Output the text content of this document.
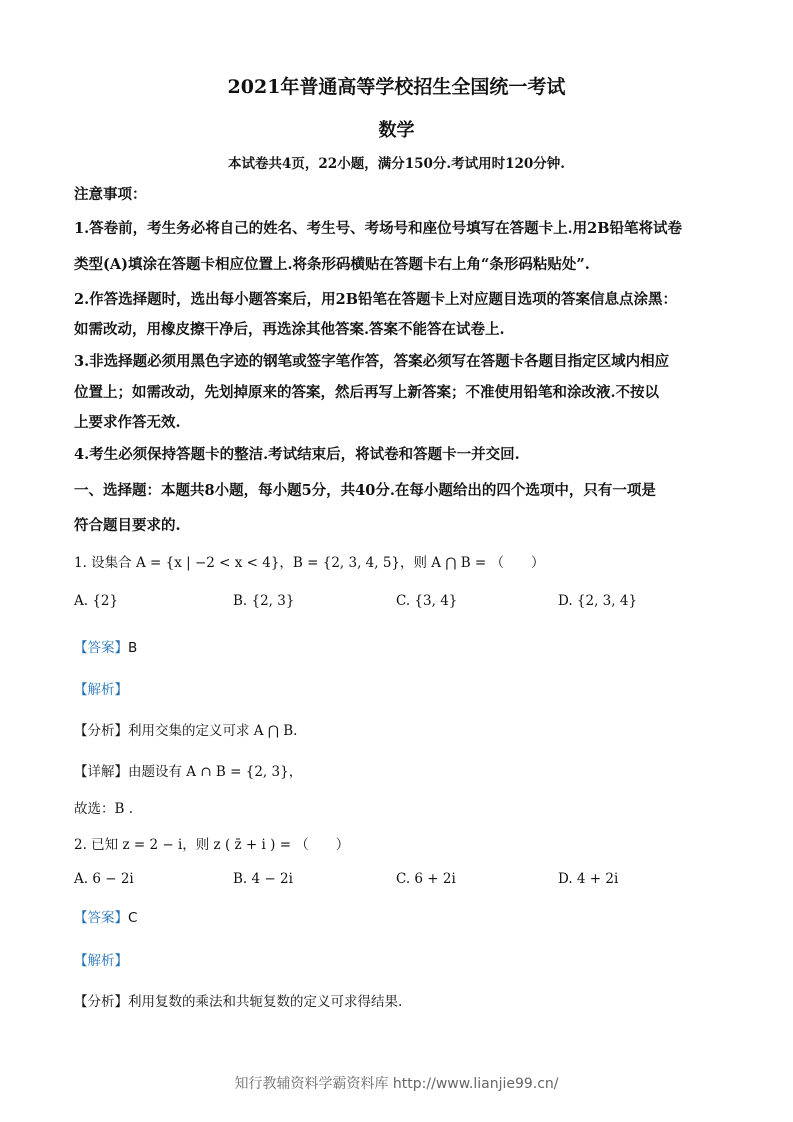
2021年普通高等学校招生全国统一考试
数学
本试卷共4页，22小题，满分150分.考试用时120分钟.
注意事项：
1.答卷前，考生务必将自己的姓名、考生号、考场号和座位号填写在答题卡上.用2B铅笔将试卷
类型(A)填涂在答题卡相应位置上.将条形码横贴在答题卡右上角“条形码粘贴处”.
2.作答选择题时，选出每小题答案后，用2B铅笔在答题卡上对应题目选项的答案信息点涂黑：
如需改动，用橡皮擦干净后，再选涂其他答案.答案不能答在试卷上.
3.非选择题必须用黑色字迹的钢笔或签字笔作答，答案必须写在答题卡各题目指定区域内相应
位置上；如需改动，先划掉原来的答案，然后再写上新答案；不准使用铅笔和涂改液.不按以
上要求作答无效.
4.考生必须保持答题卡的整洁.考试结束后，将试卷和答题卡一并交回.
一、选择题：本题共8小题，每小题5分，共40分.在每小题给出的四个选项中，只有一项是
符合题目要求的.
1. 设集合 A = {x | −2 < x < 4}，B = {2, 3, 4, 5}，则 A ⋂ B = （　　）
A. {2}	B. {2, 3}	C. {3, 4}	D. {2, 3, 4}
【答案】B
【解析】
【分析】利用交集的定义可求 A ⋂ B.
【详解】由题设有 A ∩ B = {2, 3}，
故选：B .
2. 已知 z = 2 − i，则 z ( z̄ + i ) = （　　）
A. 6 − 2i	B. 4 − 2i	C. 6 + 2i	D. 4 + 2i
【答案】C
【解析】
【分析】利用复数的乘法和共轭复数的定义可求得结果.
知行教辅资料学霸资料库 http://www.lianjie99.cn/
